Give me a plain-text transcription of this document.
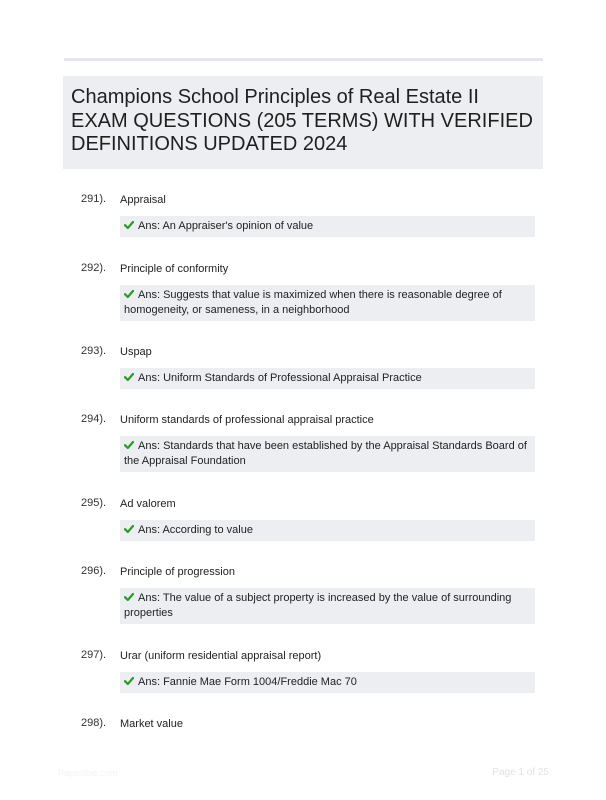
Champions School Principles of Real Estate II
EXAM QUESTIONS (205 TERMS) WITH VERIFIED
DEFINITIONS UPDATED 2024
291). Appraisal
Ans: An Appraiser's opinion of value
292). Principle of conformity
Ans: Suggests that value is maximized when there is reasonable degree of homogeneity, or sameness, in a neighborhood
293). Uspap
Ans: Uniform Standards of Professional Appraisal Practice
294). Uniform standards of professional appraisal practice
Ans: Standards that have been established by the Appraisal Standards Board of the Appraisal Foundation
295). Ad valorem
Ans: According to value
296). Principle of progression
Ans: The value of a subject property is increased by the value of surrounding properties
297). Urar (uniform residential appraisal report)
Ans: Fannie Mae Form 1004/Freddie Mac 70
298). Market value
Paperlibie.com	Page 1 of 25
